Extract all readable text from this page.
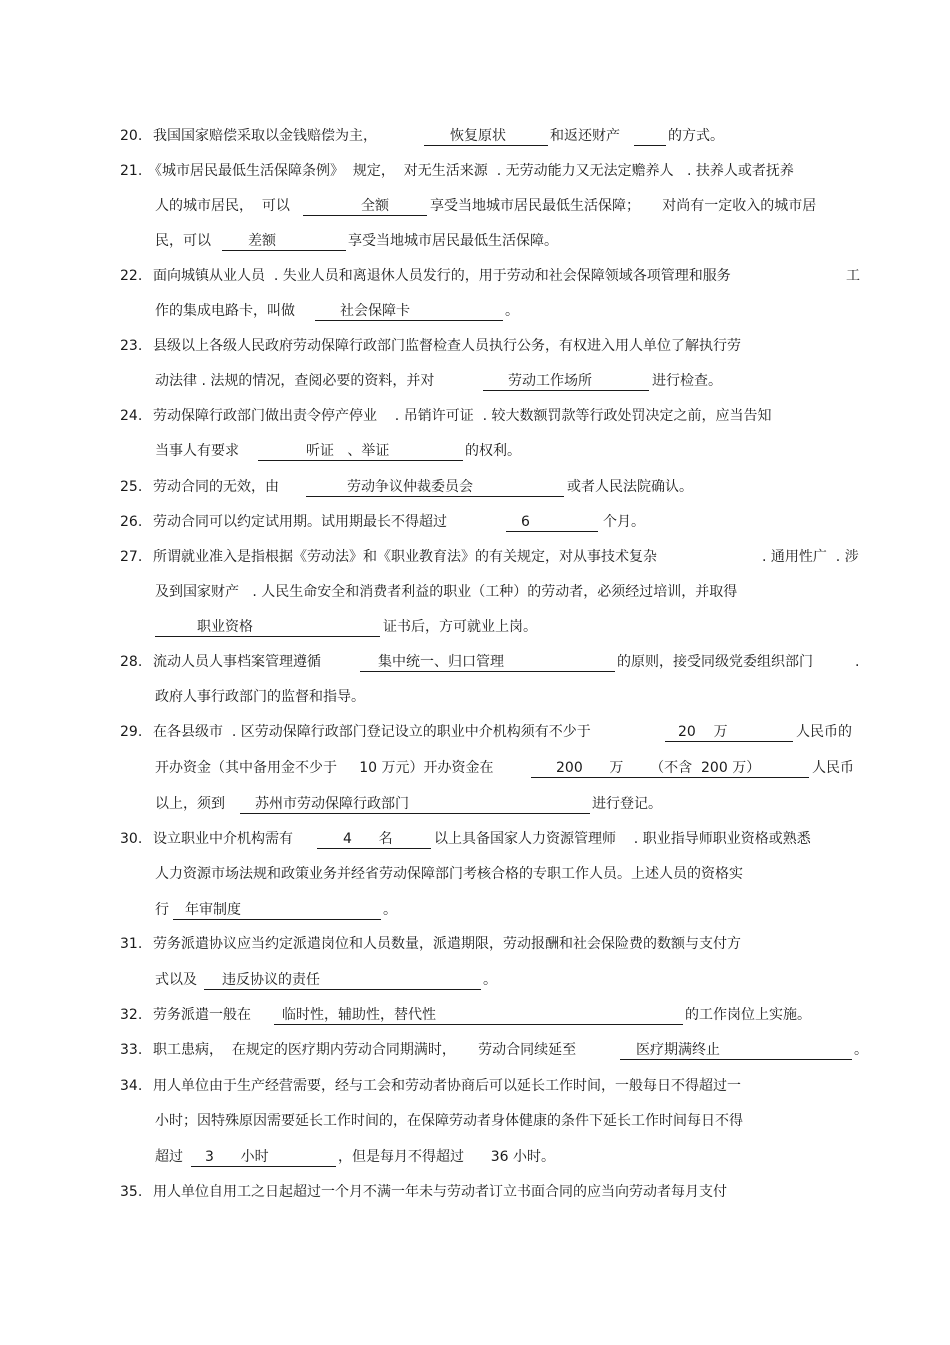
20. 我国国家赔偿采取以金钱赔偿为主，	恢复原状	和返还财产	的方式。
21. 《城市居民最低生活保障条例》  规定，  对无生活来源  . 无劳动能力又无法定赡养人   . 扶养人或者抚养
人的城市居民，  可以	全额	享受当地城市居民最低生活保障；     对尚有一定收入的城市居
民，可以	差额	享受当地城市居民最低生活保障。
22. 面向城镇从业人员  . 失业人员和离退休人员发行的，用于劳动和社会保障领域各项管理和服务	工
作的集成电路卡，叫做	社会保障卡	。
23. 县级以上各级人民政府劳动保障行政部门监督检查人员执行公务，有权进入用人单位了解执行劳
动法律 . 法规的情况，查阅必要的资料，并对	劳动工作场所	进行检查。
24. 劳动保障行政部门做出责令停产停业    . 吊销许可证  . 较大数额罚款等行政处罚决定之前，应当告知
当事人有要求	听证   、举证	的权利。
25. 劳动合同的无效，由	劳动争议仲裁委员会	或者人民法院确认。
26. 劳动合同可以约定试用期。试用期最长不得超过	6	个月。
27. 所谓就业准入是指根据《劳动法》和《职业教育法》的有关规定，对从事技术复杂	. 通用性广  . 涉
及到国家财产   . 人民生命安全和消费者利益的职业（工种）的劳动者，必须经过培训，并取得
职业资格	证书后，方可就业上岗。
28. 流动人员人事档案管理遵循	集中统一、归口管理	的原则，接受同级党委组织部门	.
政府人事行政部门的监督和指导。
29. 在各县级市  . 区劳动保障行政部门登记设立的职业中介机构须有不少于	20    万	人民币的
开办资金（其中备用金不少于     10 万元）开办资金在	200      万      （不含  200 万）	人民币
以上，须到	苏州市劳动保障行政部门	进行登记。
30. 设立职业中介机构需有	4      名	以上具备国家人力资源管理师    . 职业指导师职业资格或熟悉
人力资源市场法规和政策业务并经省劳动保障部门考核合格的专职工作人员。上述人员的资格实
行	年审制度	。
31. 劳务派遣协议应当约定派遣岗位和人员数量，派遣期限，劳动报酬和社会保险费的数额与支付方
式以及	违反协议的责任	。
32. 劳务派遣一般在	临时性，辅助性，替代性	的工作岗位上实施。
33. 职工患病，  在规定的医疗期内劳动合同期满时，     劳动合同续延至	医疗期满终止	。
34. 用人单位由于生产经营需要，经与工会和劳动者协商后可以延长工作时间，一般每日不得超过一
小时；因特殊原因需要延长工作时间的，在保障劳动者身体健康的条件下延长工作时间每日不得
超过	3      小时	，但是每月不得超过      36 小时。
35. 用人单位自用工之日起超过一个月不满一年未与劳动者订立书面合同的应当向劳动者每月支付
